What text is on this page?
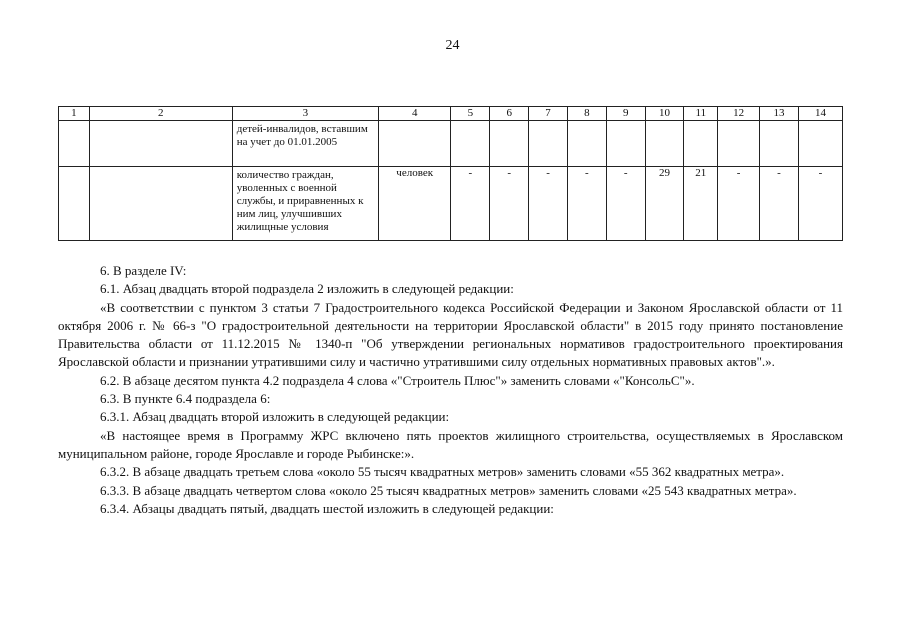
24
1	2	3	4	5	6	7	8	9	10	11	12	13	14
		детей-инвалидов, вставшим на учет до 01.01.2005											
		количество граждан, уволенных с военной службы, и приравненных к ним лиц, улучшивших жилищные условия	человек	-	-	-	-	-	29	21	-	-	-

6. В разделе IV:

6.1. Абзац двадцать второй подраздела 2 изложить в следующей редакции:

«В соответствии с пунктом 3 статьи 7 Градостроительного кодекса Российской Федерации и Законом Ярославской области от 11 октября 2006 г. № 66-з "О градостроительной деятельности на территории Ярославской области" в 2015 году принято постановление Правительства области от 11.12.2015 № 1340-п "Об утверждении региональных нормативов градостроительного проектирования Ярославской области и признании утратившими силу и частично утратившими силу отдельных нормативных правовых актов".».

6.2. В абзаце десятом пункта 4.2 подраздела 4 слова «"Строитель Плюс"» заменить словами «"КонсольС"».

6.3. В пункте 6.4 подраздела 6:

6.3.1. Абзац двадцать второй изложить в следующей редакции:

«В настоящее время в Программу ЖРС включено пять проектов жилищного строительства, осуществляемых в Ярославском муниципальном районе, городе Ярославле и городе Рыбинске:».

6.3.2. В абзаце двадцать третьем слова «около 55 тысяч квадратных метров» заменить словами «55 362 квадратных метра».

6.3.3. В абзаце двадцать четвертом слова «около 25 тысяч квадратных метров» заменить словами «25 543 квадратных метра».

6.3.4. Абзацы двадцать пятый, двадцать шестой изложить в следующей редакции:
